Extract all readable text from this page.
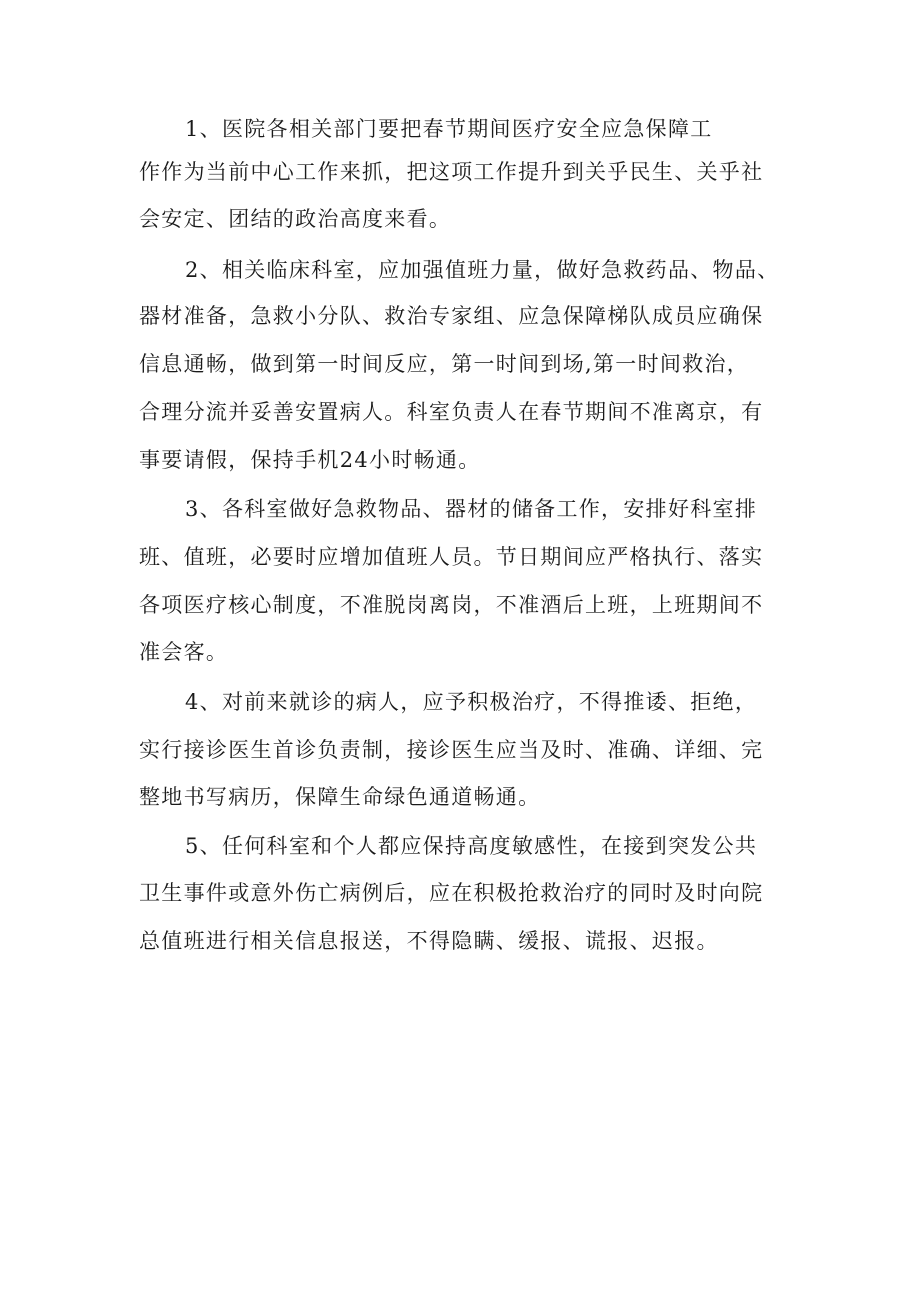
1、医院各相关部门要把春节期间医疗安全应急保障工
作作为当前中心工作来抓，把这项工作提升到关乎民生、关乎社
会安定、团结的政治高度来看。
2、相关临床科室，应加强值班力量，做好急救药品、物品、
器材准备，急救小分队、救治专家组、应急保障梯队成员应确保
信息通畅，做到第一时间反应，第一时间到场,第一时间救治，
合理分流并妥善安置病人。科室负责人在春节期间不准离京，有
事要请假，保持手机24小时畅通。
3、各科室做好急救物品、器材的储备工作，安排好科室排
班、值班，必要时应增加值班人员。节日期间应严格执行、落实
各项医疗核心制度，不准脱岗离岗，不准酒后上班，上班期间不
准会客。
4、对前来就诊的病人，应予积极治疗，不得推诿、拒绝，
实行接诊医生首诊负责制，接诊医生应当及时、准确、详细、完
整地书写病历，保障生命绿色通道畅通。
5、任何科室和个人都应保持高度敏感性，在接到突发公共
卫生事件或意外伤亡病例后，应在积极抢救治疗的同时及时向院
总值班进行相关信息报送，不得隐瞒、缓报、谎报、迟报。
